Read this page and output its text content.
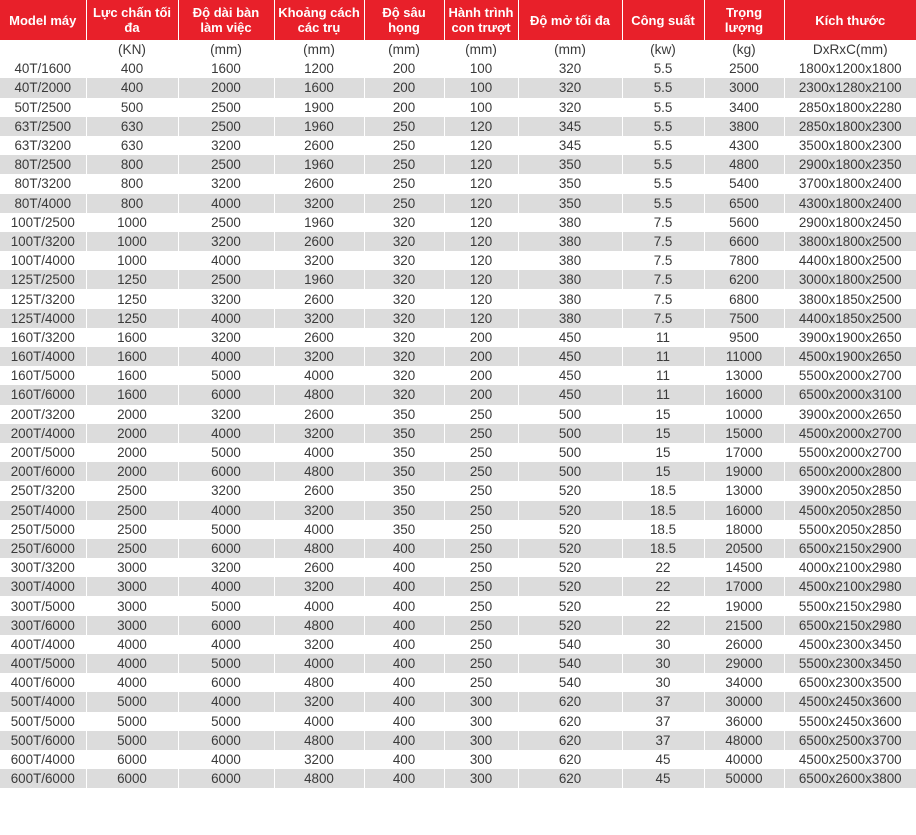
Model máy	Lực chấn tối đa	Độ dài bàn làm việc	Khoảng cách các trụ	Độ sâu họng	Hành trình con trượt	Độ mở tối đa	Công suất	Trọng lượng	Kích thước
	(KN)	(mm)	(mm)	(mm)	(mm)	(mm)	(kw)	(kg)	DxRxC(mm)
40T/1600	400	1600	1200	200	100	320	5.5	2500	1800x1200x1800
40T/2000	400	2000	1600	200	100	320	5.5	3000	2300x1280x2100
50T/2500	500	2500	1900	200	100	320	5.5	3400	2850x1800x2280
63T/2500	630	2500	1960	250	120	345	5.5	3800	2850x1800x2300
63T/3200	630	3200	2600	250	120	345	5.5	4300	3500x1800x2300
80T/2500	800	2500	1960	250	120	350	5.5	4800	2900x1800x2350
80T/3200	800	3200	2600	250	120	350	5.5	5400	3700x1800x2400
80T/4000	800	4000	3200	250	120	350	5.5	6500	4300x1800x2400
100T/2500	1000	2500	1960	320	120	380	7.5	5600	2900x1800x2450
100T/3200	1000	3200	2600	320	120	380	7.5	6600	3800x1800x2500
100T/4000	1000	4000	3200	320	120	380	7.5	7800	4400x1800x2500
125T/2500	1250	2500	1960	320	120	380	7.5	6200	3000x1800x2500
125T/3200	1250	3200	2600	320	120	380	7.5	6800	3800x1850x2500
125T/4000	1250	4000	3200	320	120	380	7.5	7500	4400x1850x2500
160T/3200	1600	3200	2600	320	200	450	11	9500	3900x1900x2650
160T/4000	1600	4000	3200	320	200	450	11	11000	4500x1900x2650
160T/5000	1600	5000	4000	320	200	450	11	13000	5500x2000x2700
160T/6000	1600	6000	4800	320	200	450	11	16000	6500x2000x3100
200T/3200	2000	3200	2600	350	250	500	15	10000	3900x2000x2650
200T/4000	2000	4000	3200	350	250	500	15	15000	4500x2000x2700
200T/5000	2000	5000	4000	350	250	500	15	17000	5500x2000x2700
200T/6000	2000	6000	4800	350	250	500	15	19000	6500x2000x2800
250T/3200	2500	3200	2600	350	250	520	18.5	13000	3900x2050x2850
250T/4000	2500	4000	3200	350	250	520	18.5	16000	4500x2050x2850
250T/5000	2500	5000	4000	350	250	520	18.5	18000	5500x2050x2850
250T/6000	2500	6000	4800	400	250	520	18.5	20500	6500x2150x2900
300T/3200	3000	3200	2600	400	250	520	22	14500	4000x2100x2980
300T/4000	3000	4000	3200	400	250	520	22	17000	4500x2100x2980
300T/5000	3000	5000	4000	400	250	520	22	19000	5500x2150x2980
300T/6000	3000	6000	4800	400	250	520	22	21500	6500x2150x2980
400T/4000	4000	4000	3200	400	250	540	30	26000	4500x2300x3450
400T/5000	4000	5000	4000	400	250	540	30	29000	5500x2300x3450
400T/6000	4000	6000	4800	400	250	540	30	34000	6500x2300x3500
500T/4000	5000	4000	3200	400	300	620	37	30000	4500x2450x3600
500T/5000	5000	5000	4000	400	300	620	37	36000	5500x2450x3600
500T/6000	5000	6000	4800	400	300	620	37	48000	6500x2500x3700
600T/4000	6000	4000	3200	400	300	620	45	40000	4500x2500x3700
600T/6000	6000	6000	4800	400	300	620	45	50000	6500x2600x3800
